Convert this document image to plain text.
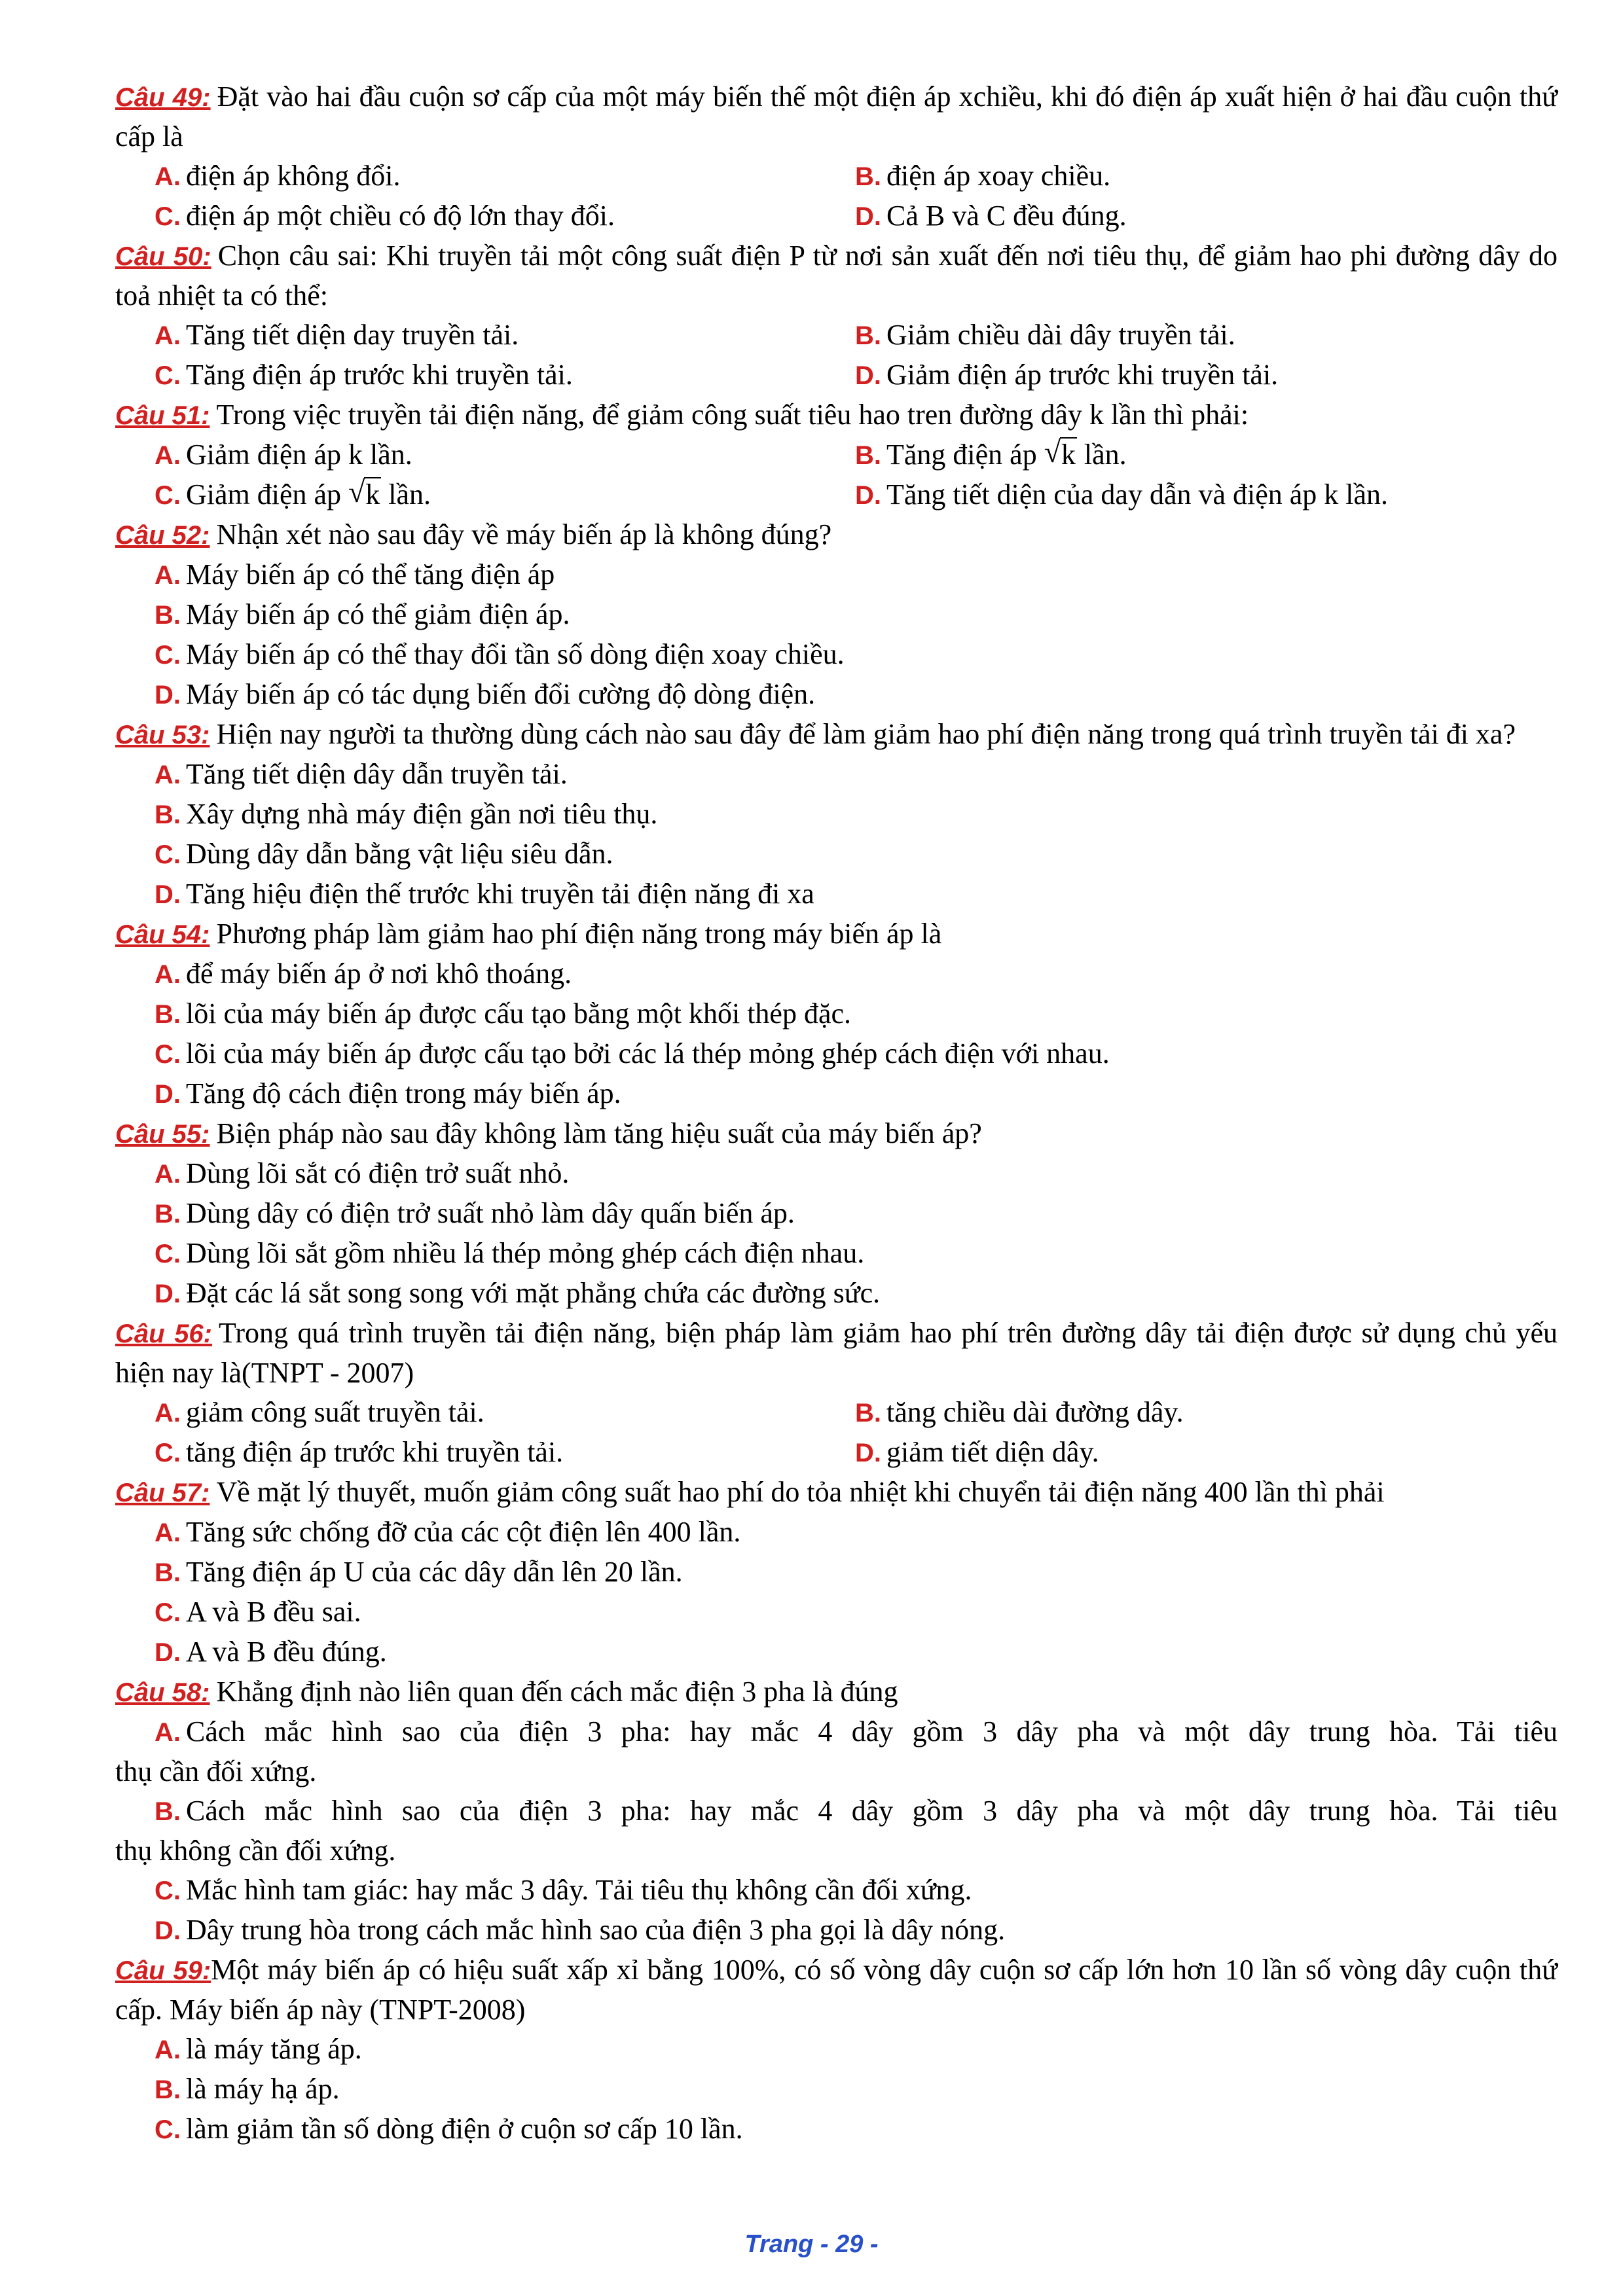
Câu 49: Đặt vào hai đầu cuộn sơ cấp của một máy biến thế một điện áp xchiều, khi đó điện áp xuất hiện ở hai đầu cuộn thứ cấp là

A. điện áp không đổi.	B. điện áp xoay chiều.
C. điện áp một chiều có độ lớn thay đổi.	D. Cả B và C đều đúng.

Câu 50: Chọn câu sai: Khi truyền tải một công suất điện P từ nơi sản xuất đến nơi tiêu thụ, để giảm hao phi đường dây do toả nhiệt ta có thể:

A. Tăng tiết diện day truyền tải.	B. Giảm chiều dài dây truyền tải.
C. Tăng điện áp trước khi truyền tải.	D. Giảm điện áp trước khi truyền tải.

Câu 51: Trong việc truyền tải điện năng, để giảm công suất tiêu hao tren đường dây k lần thì phải:

A. Giảm điện áp k lần.	B. Tăng điện áp √ k lần.
C. Giảm điện áp √ k lần.	D. Tăng tiết diện của day dẫn và điện áp k lần.

Câu 52: Nhận xét nào sau đây về máy biến áp là không đúng?

A. Máy biến áp có thể tăng điện áp
B. Máy biến áp có thể giảm điện áp.
C. Máy biến áp có thể thay đổi tần số dòng điện xoay chiều.
D. Máy biến áp có tác dụng biến đổi cường độ dòng điện.

Câu 53: Hiện nay người ta thường dùng cách nào sau đây để làm giảm hao phí điện năng trong quá trình truyền tải đi xa?

A. Tăng tiết diện dây dẫn truyền tải.
B. Xây dựng nhà máy điện gần nơi tiêu thụ.
C. Dùng dây dẫn bằng vật liệu siêu dẫn.
D. Tăng hiệu điện thế trước khi truyền tải điện năng đi xa

Câu 54: Phương pháp làm giảm hao phí điện năng trong máy biến áp là

A. để máy biến áp ở nơi khô thoáng.
B. lõi của máy biến áp được cấu tạo bằng một khối thép đặc.
C. lõi của máy biến áp được cấu tạo bởi các lá thép mỏng ghép cách điện với nhau.
D. Tăng độ cách điện trong máy biến áp.

Câu 55: Biện pháp nào sau đây không làm tăng hiệu suất của máy biến áp?

A. Dùng lõi sắt có điện trở suất nhỏ.
B. Dùng dây có điện trở suất nhỏ làm dây quấn biến áp.
C. Dùng lõi sắt gồm nhiều lá thép mỏng ghép cách điện nhau.
D. Đặt các lá sắt song song với mặt phẳng chứa các đường sức.

Câu 56: Trong quá trình truyền tải điện năng, biện pháp làm giảm hao phí trên đường dây tải điện được sử dụng chủ yếu hiện nay là(TNPT - 2007)

A. giảm công suất truyền tải.	B. tăng chiều dài đường dây.
C. tăng điện áp trước khi truyền tải.	D. giảm tiết diện dây.

Câu 57: Về mặt lý thuyết, muốn giảm công suất hao phí do tỏa nhiệt khi chuyển tải điện năng 400 lần thì phải

A. Tăng sức chống đỡ của các cột điện lên 400 lần.
B. Tăng điện áp U của các dây dẫn lên 20 lần.
C. A và B đều sai.
D. A và B đều đúng.

Câu 58: Khẳng định nào liên quan đến cách mắc điện 3 pha là đúng

A. Cách mắc hình sao của điện 3 pha: hay mắc 4 dây gồm 3 dây pha và một dây trung hòa. Tải tiêu
thụ cần đối xứng.
B. Cách mắc hình sao của điện 3 pha: hay mắc 4 dây gồm 3 dây pha và một dây trung hòa. Tải tiêu
thụ không cần đối xứng.
C. Mắc hình tam giác: hay mắc 3 dây. Tải tiêu thụ không cần đối xứng.
D. Dây trung hòa trong cách mắc hình sao của điện 3 pha gọi là dây nóng.

Câu 59:Một máy biến áp có hiệu suất xấp xỉ bằng 100%, có số vòng dây cuộn sơ cấp lớn hơn 10 lần số vòng dây cuộn thứ cấp. Máy biến áp này (TNPT-2008)

A. là máy tăng áp.
B. là máy hạ áp.
C. làm giảm tần số dòng điện ở cuộn sơ cấp 10 lần.
Trang - 29 -
